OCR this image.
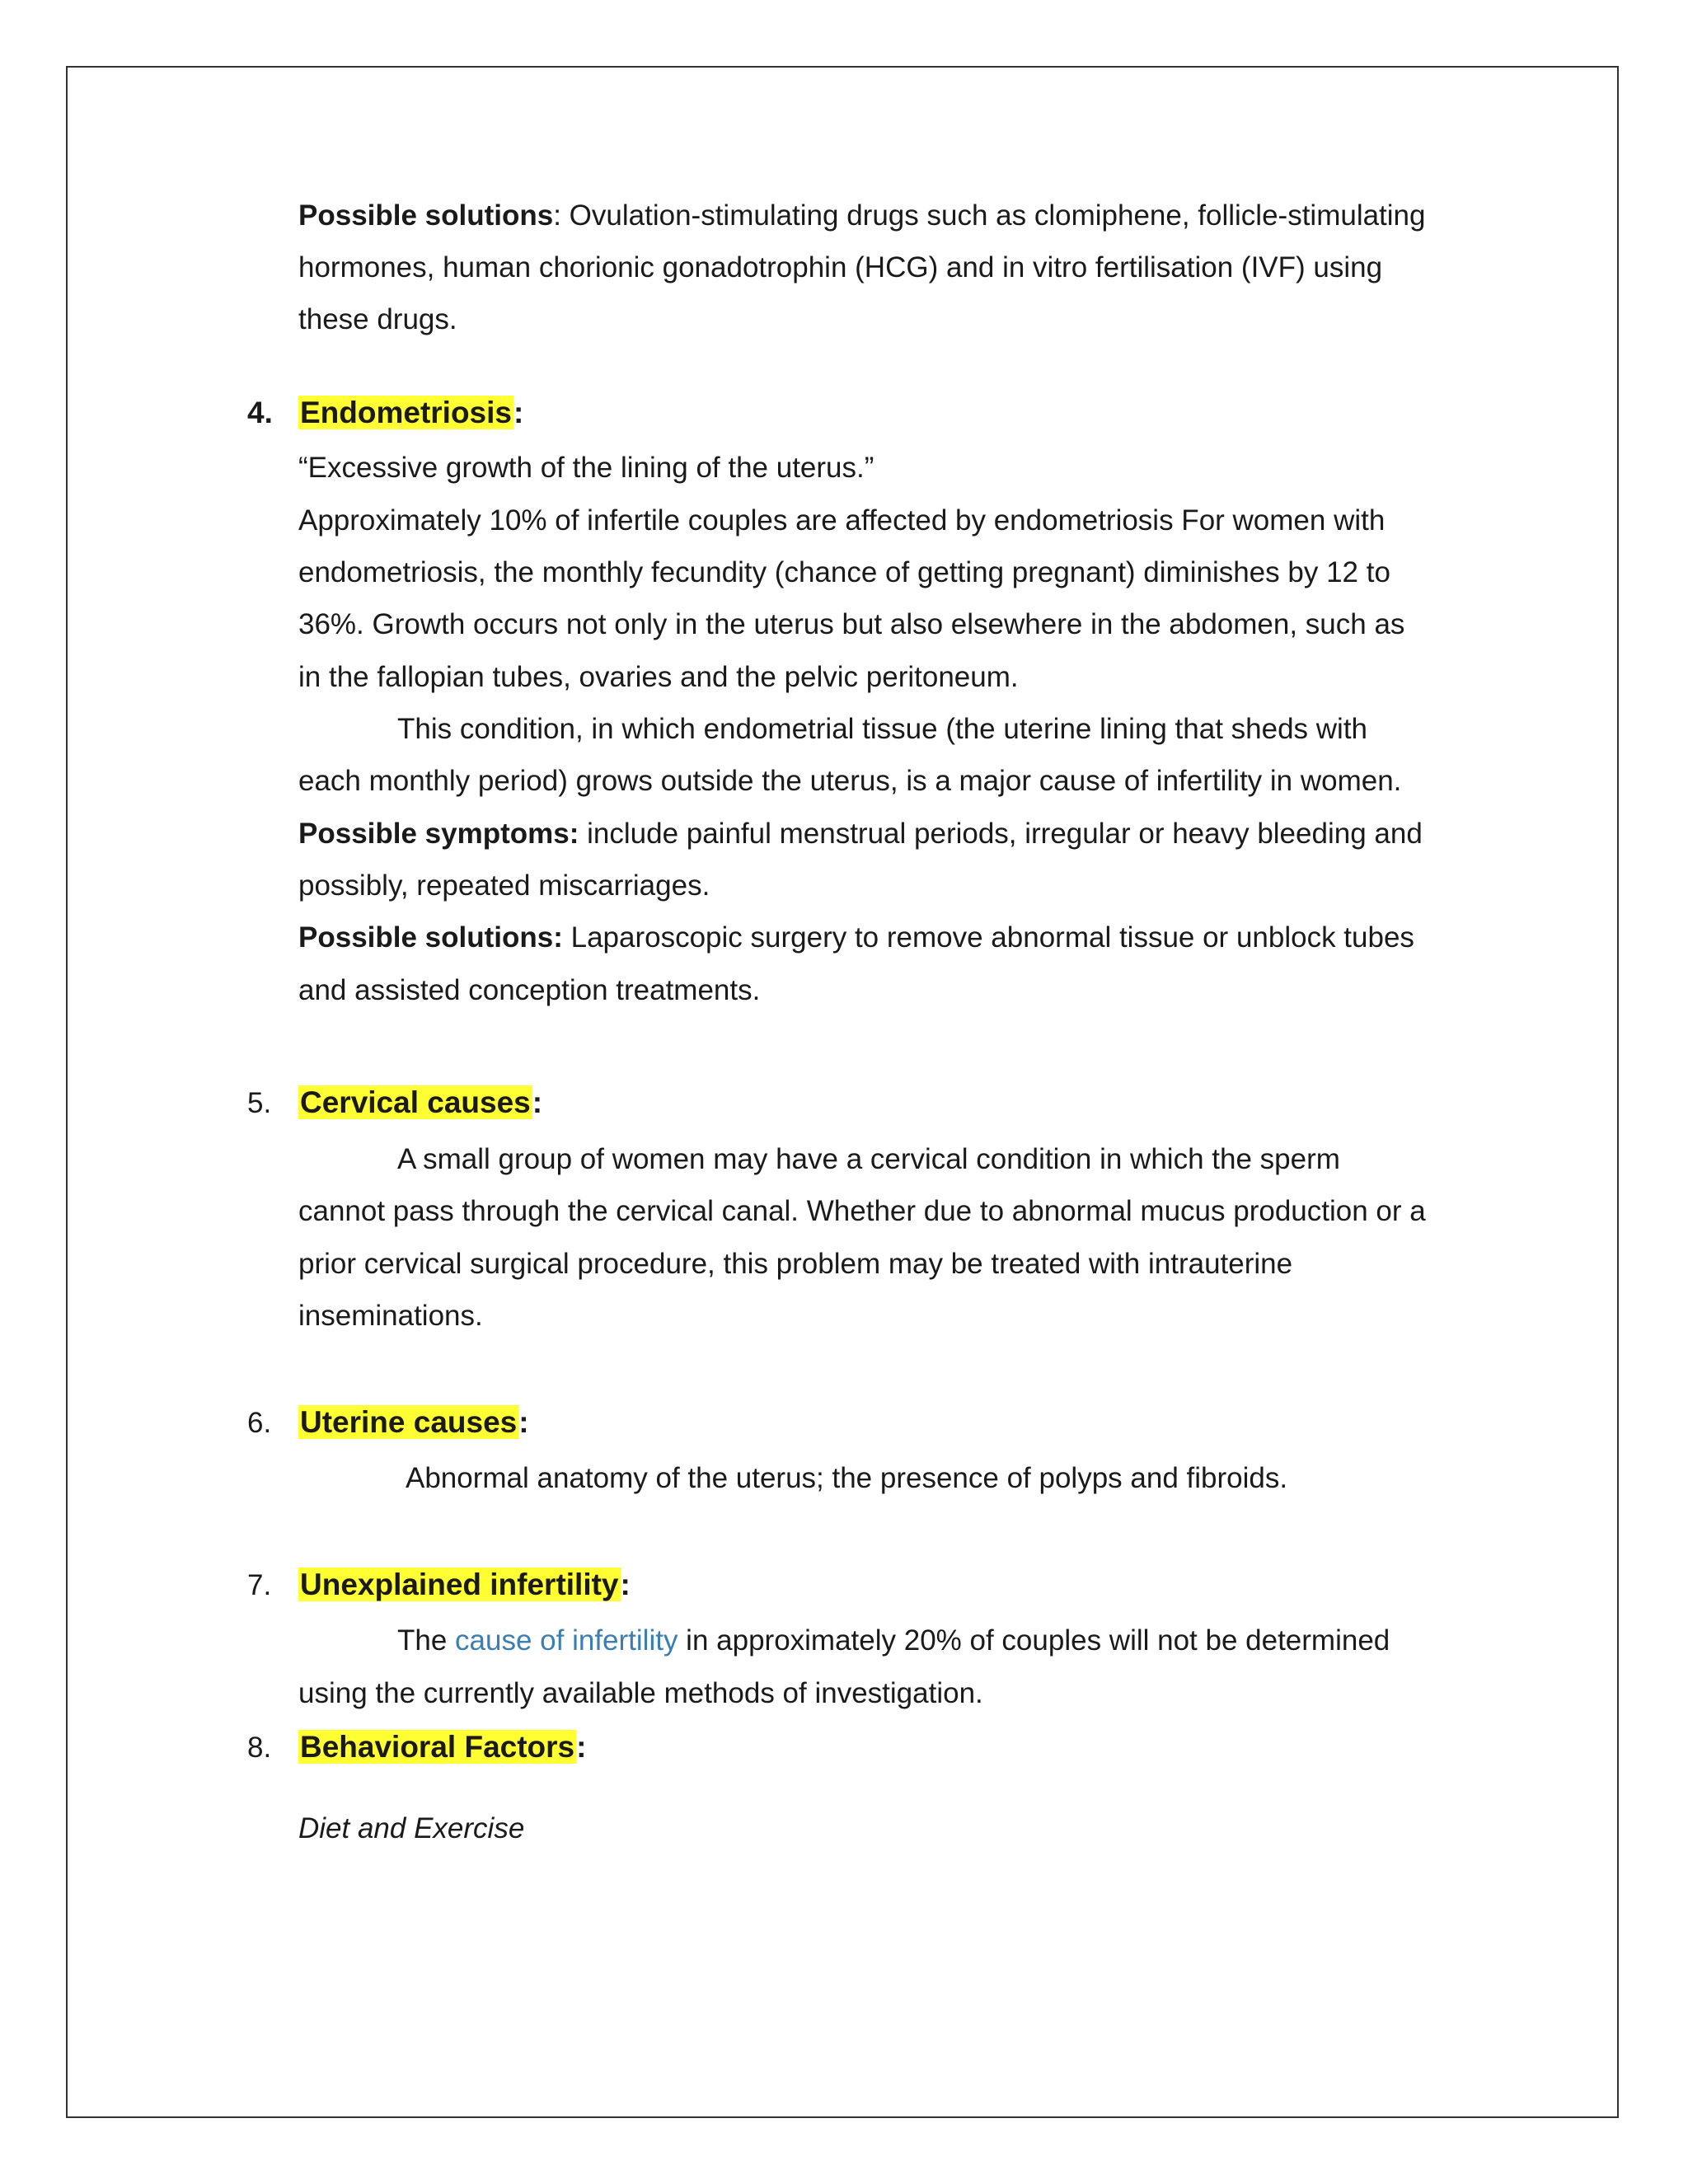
Possible solutions: Ovulation-stimulating drugs such as clomiphene, follicle-stimulating
hormones, human chorionic gonadotrophin (HCG) and in vitro fertilisation (IVF) using
these drugs.
4. Endometriosis:
“Excessive growth of the lining of the uterus.”
Approximately 10% of infertile couples are affected by endometriosis For women with
endometriosis, the monthly fecundity (chance of getting pregnant) diminishes by 12 to
36%. Growth occurs not only in the uterus but also elsewhere in the abdomen, such as
in the fallopian tubes, ovaries and the pelvic peritoneum.
This condition, in which endometrial tissue (the uterine lining that sheds with
each monthly period) grows outside the uterus, is a major cause of infertility in women.
Possible symptoms: include painful menstrual periods, irregular or heavy bleeding and
possibly, repeated miscarriages.
Possible solutions: Laparoscopic surgery to remove abnormal tissue or unblock tubes
and assisted conception treatments.
5. Cervical causes:
A small group of women may have a cervical condition in which the sperm
cannot pass through the cervical canal. Whether due to abnormal mucus production or a
prior cervical surgical procedure, this problem may be treated with intrauterine
inseminations.
6. Uterine causes:
Abnormal anatomy of the uterus; the presence of polyps and fibroids.
7. Unexplained infertility:
The cause of infertility in approximately 20% of couples will not be determined
using the currently available methods of investigation.
8. Behavioral Factors:
Diet and Exercise
